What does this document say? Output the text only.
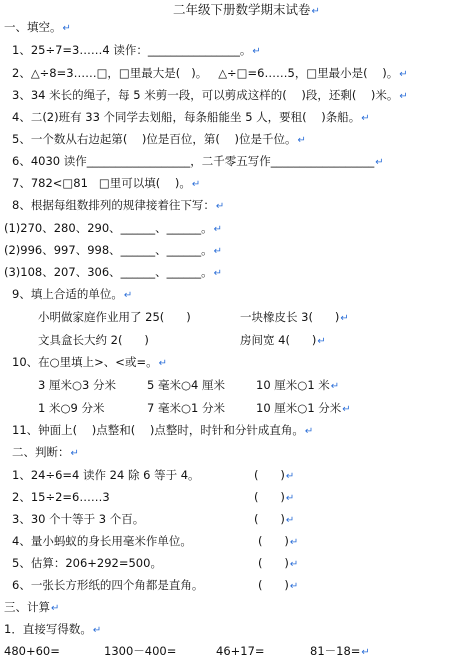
二年级下册数学期末试卷↵
一、填空。↵
1、25÷7=3……4 读作：________________。↵
2、△÷8=3……□，□里最大是(   )。   △÷□=6……5，□里最小是(    )。↵
3、34 米长的绳子，每 5 米剪一段，可以剪成这样的(    )段，还剩(    )米。↵
4、二(2)班有 33 个同学去划船，每条船能坐 5 人，要租(    )条船。↵
5、一个数从右边起第(    )位是百位，第(    )位是千位。↵
6、4030 读作__________________，二千零五写作__________________↵
7、782<□81   □里可以填(    )。↵
8、根据每组数排列的规律接着往下写：↵
(1)270、280、290、______、______。↵
(2)996、997、998、______、______。↵
(3)108、207、306、______、______。↵
9、填上合适的单位。↵
小明做家庭作业用了 25(      )	一块橡皮长 3(      )↵
文具盒长大约 2(      )	房间宽 4(      )↵
10、在○里填上>、<或=。↵
3 厘米○3 分米	5 毫米○4 厘米	10 厘米○1 米↵
1 米○9 分米	7 毫米○1 分米	10 厘米○1 分米↵
11、钟面上(    )点整和(    )点整时，时针和分针成直角。↵
二、判断：↵
1、24÷6=4 读作 24 除 6 等于 4。	(      )↵
2、15÷2=6……3	(      )↵
3、30 个十等于 3 个百。	(      )↵
4、量小蚂蚁的身长用毫米作单位。	(      )↵
5、估算：206+292=500。	(      )↵
6、一张长方形纸的四个角都是直角。	(      )↵
三、计算↵
1．直接写得数。↵
480+60=	1300－400=	46+17=	81－18=↵
